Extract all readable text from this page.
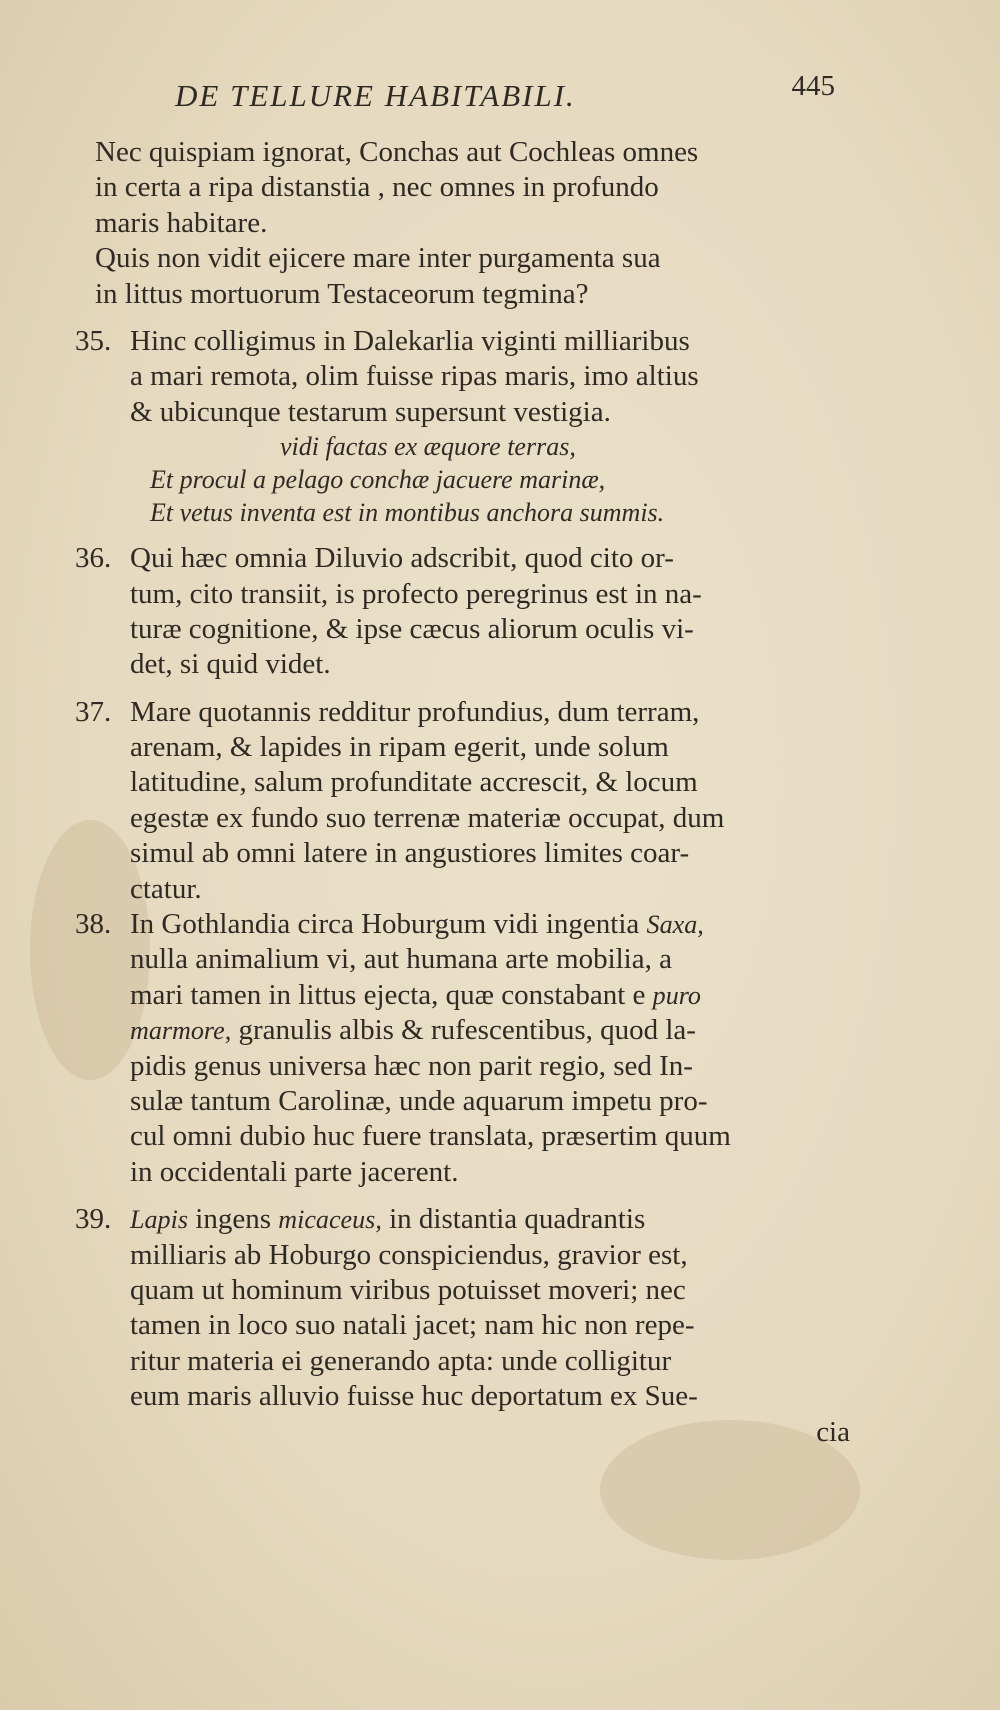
DE TELLURE HABITABILI.	445
Nec quispiam ignorat, Conchas aut Cochleas omnes
in certa a ripa distanstia , nec omnes in profundo
maris habitare.
Quis non vidit ejicere mare inter purgamenta sua
in littus mortuorum Testaceorum tegmina?
35. Hinc colligimus in Dalekarlia viginti milliaribus
a mari remota, olim fuisse ripas maris, imo altius
& ubicunque testarum supersunt vestigia.
vidi factas ex æquore terras,
Et procul a pelago conchæ jacuere marinæ,
Et vetus inventa est in montibus anchora summis.
36. Qui hæc omnia Diluvio adscribit, quod cito or-
tum, cito transiit, is profecto peregrinus est in na-
turæ cognitione, & ipse cæcus aliorum oculis vi-
det, si quid videt.
37. Mare quotannis redditur profundius, dum terram,
arenam, & lapides in ripam egerit, unde solum
latitudine, salum profunditate accrescit, & locum
egestæ ex fundo suo terrenæ materiæ occupat, dum
simul ab omni latere in angustiores limites coar-
ctatur.
38. In Gothlandia circa Hoburgum vidi ingentia Saxa,
nulla animalium vi, aut humana arte mobilia, a
mari tamen in littus ejecta, quæ constabant e puro
marmore, granulis albis & rufescentibus, quod la-
pidis genus universa hæc non parit regio, sed In-
sulæ tantum Carolinæ, unde aquarum impetu pro-
cul omni dubio huc fuere translata, præsertim quum
in occidentali parte jacerent.
39. Lapis ingens micaceus, in distantia quadrantis
milliaris ab Hoburgo conspiciendus, gravior est,
quam ut hominum viribus potuisset moveri; nec
tamen in loco suo natali jacet; nam hic non repe-
ritur materia ei generando apta: unde colligitur
eum maris alluvio fuisse huc deportatum ex Sue-
cia
